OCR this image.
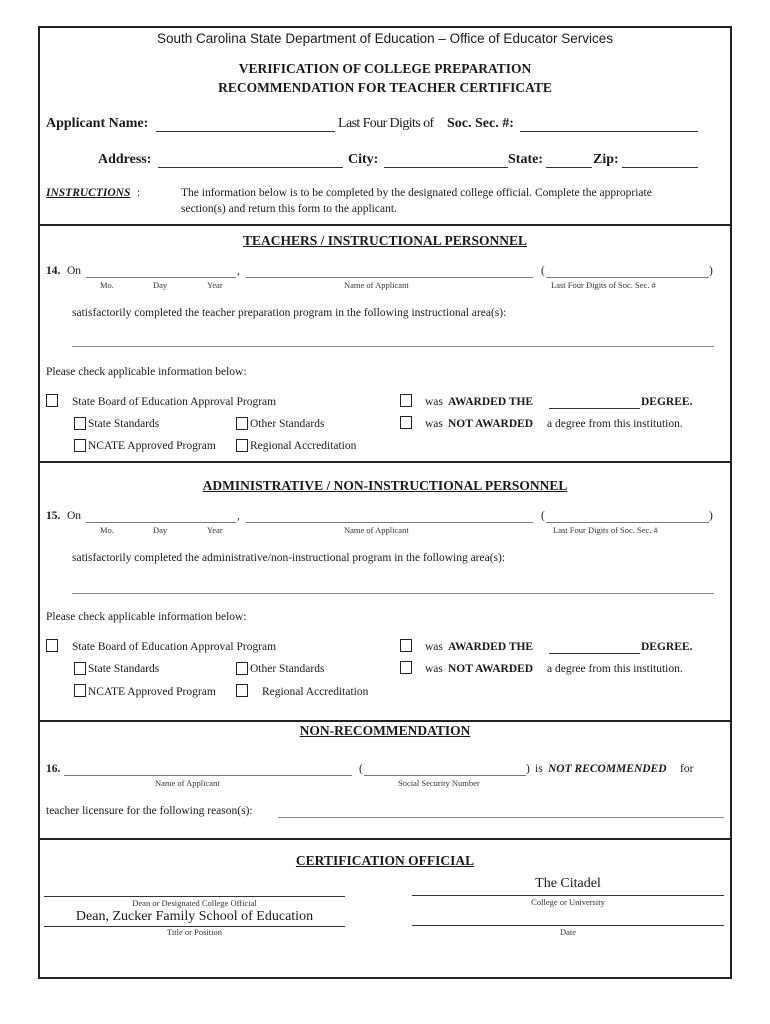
South Carolina State Department of Education – Office of Educator Services
VERIFICATION OF COLLEGE PREPARATION
RECOMMENDATION FOR TEACHER CERTIFICATE
Applicant Name:	Last Four Digits of Soc. Sec. #:
Address:	City:	State:	Zip:
INSTRUCTIONS :	The information below is to be completed by the designated college official. Complete the appropriate
section(s) and return this form to the applicant.
TEACHERS / INSTRUCTIONAL PERSONNEL
14. On	,	(	)
Mo.	Day	Year	Name of Applicant	Last Four Digits of Soc. Sec. #
satisfactorily completed the teacher preparation program in the following instructional area(s):
Please check applicable information below:
State Board of Education Approval Program
State Standards	Other Standards
NCATE Approved Program	Regional Accreditation
was AWARDED THE	DEGREE.
was NOT AWARDED a degree from this institution.
ADMINISTRATIVE / NON-INSTRUCTIONAL PERSONNEL
15. On	,	(	)
Mo.	Day	Year	Name of Applicant	Last Four Digits of Soc. Sec. #
satisfactorily completed the administrative/non-instructional program in the following area(s):
Please check applicable information below:
State Board of Education Approval Program
State Standards	Other Standards
NCATE Approved Program	Regional Accreditation
was AWARDED THE	DEGREE.
was NOT AWARDED a degree from this institution.
NON-RECOMMENDATION
16.	(	) is NOT RECOMMENDED for
Name of Applicant	Social Security Number
teacher licensure for the following reason(s):
CERTIFICATION OFFICIAL
Dean or Designated College Official
Dean, Zucker Family School of Education
Title or Position
The Citadel
College or University
Date
